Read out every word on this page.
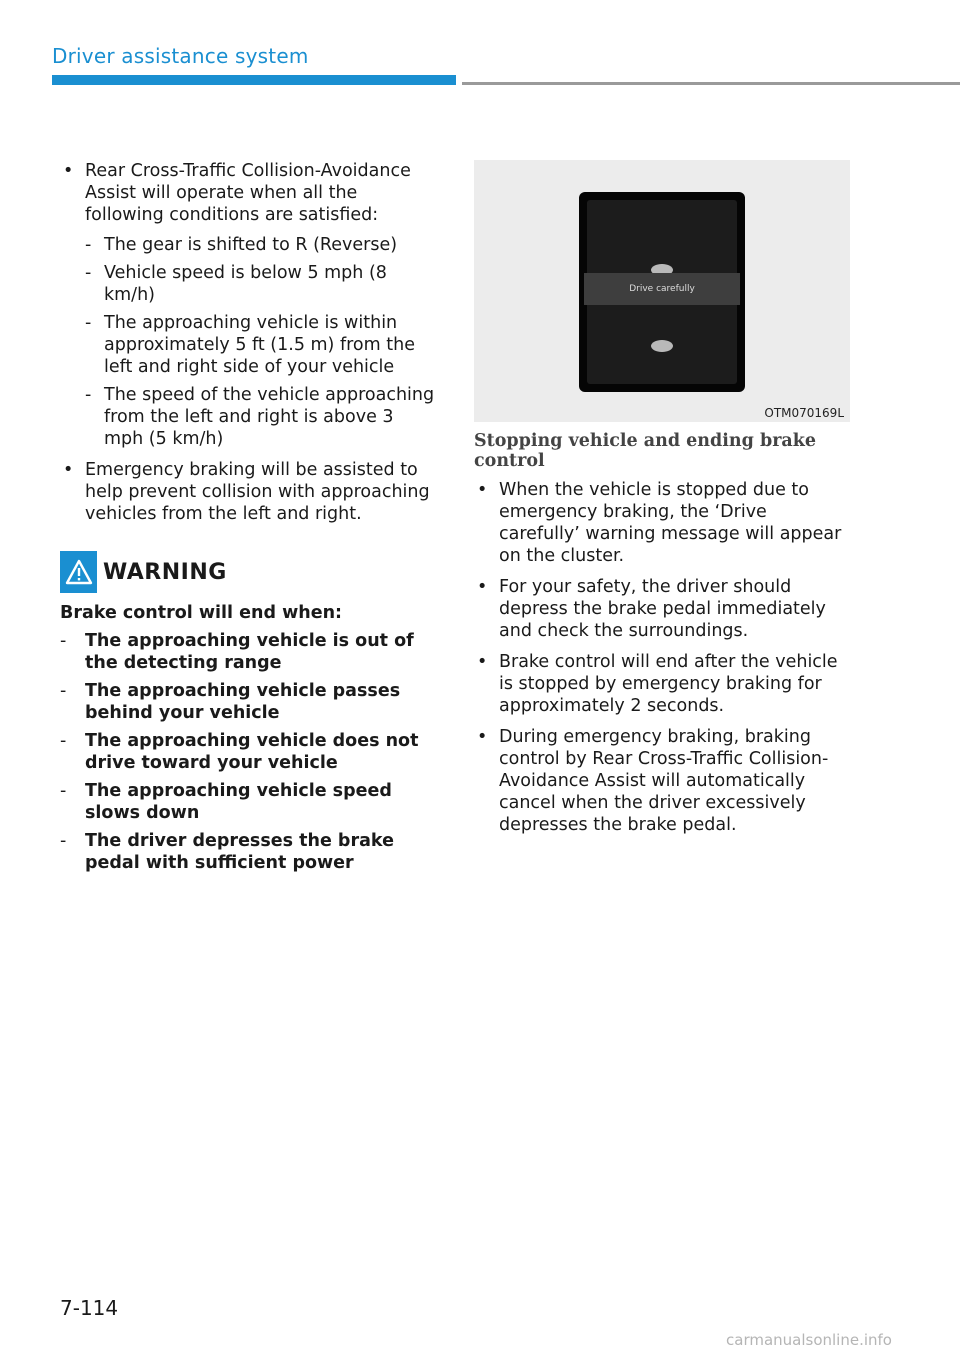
Driver assistance system
• Rear Cross-Traffic Collision-Avoidance Assist will operate when all the following conditions are satisfied:
- The gear is shifted to R (Reverse)
- Vehicle speed is below 5 mph (8 km/h)
- The approaching vehicle is within approximately 5 ft (1.5 m) from the left and right side of your vehicle
- The speed of the vehicle approaching from the left and right is above 3 mph (5 km/h)
• Emergency braking will be assisted to help prevent collision with approaching vehicles from the left and right.
WARNING
Brake control will end when:
- The approaching vehicle is out of the detecting range
- The approaching vehicle passes behind your vehicle
- The approaching vehicle does not drive toward your vehicle
- The approaching vehicle speed slows down
- The driver depresses the brake pedal with sufficient power
Drive carefully
OTM070169L
Stopping vehicle and ending brake control
• When the vehicle is stopped due to emergency braking, the ‘Drive carefully’ warning message will appear on the cluster.
• For your safety, the driver should depress the brake pedal immediately and check the surroundings.
• Brake control will end after the vehicle is stopped by emergency braking for approximately 2 seconds.
• During emergency braking, braking control by Rear Cross-Traffic Collision-Avoidance Assist will automatically cancel when the driver excessively depresses the brake pedal.
7-114
carmanualsonline.info
